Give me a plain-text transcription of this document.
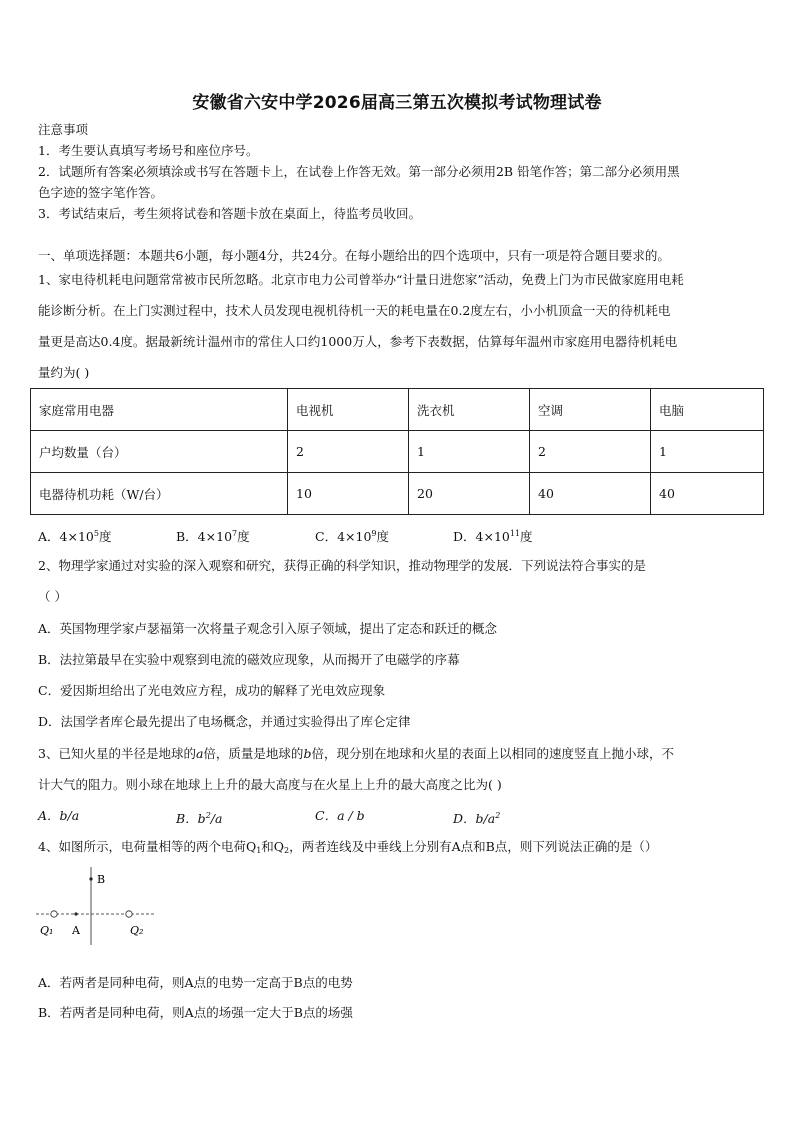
安徽省六安中学2026届高三第五次模拟考试物理试卷
注意事项
1．考生要认真填写考场号和座位序号。
2．试题所有答案必须填涂或书写在答题卡上，在试卷上作答无效。第一部分必须用2B 铅笔作答；第二部分必须用黑
色字迹的签字笔作答。
3．考试结束后，考生须将试卷和答题卡放在桌面上，待监考员收回。
一、单项选择题：本题共6小题，每小题4分，共24分。在每小题给出的四个选项中，只有一项是符合题目要求的。
1、家电待机耗电问题常常被市民所忽略。北京市电力公司曾举办“计量日进您家”活动，免费上门为市民做家庭用电耗
能诊断分析。在上门实测过程中，技术人员发现电视机待机一天的耗电量在0.2度左右，小小机顶盒一天的待机耗电
量更是高达0.4度。据最新统计温州市的常住人口约1000万人，参考下表数据，估算每年温州市家庭用电器待机耗电
量约为( )
家庭常用电器	电视机	洗衣机	空调	电脑
户均数量（台）	2	1	2	1
电器待机功耗（W/台）	10	20	40	40
A．$4\times 10^5$度	B．$4\times 10^7$度	C．$4\times 10^9$度	D．$4\times 10^{11}$度
2、物理学家通过对实验的深入观察和研究，获得正确的科学知识，推动物理学的发展．下列说法符合事实的是
（ ）
A．英国物理学家卢瑟福第一次将量子观念引入原子领域，提出了定态和跃迁的概念
B．法拉第最早在实验中观察到电流的磁效应现象，从而揭开了电磁学的序幕
C．爱因斯坦给出了光电效应方程，成功的解释了光电效应现象
D．法国学者库仑最先提出了电场概念，并通过实验得出了库仑定律
3、已知火星的半径是地球的a倍，质量是地球的b倍，现分别在地球和火星的表面上以相同的速度竖直上抛小球，不
计大气的阻力。则小球在地球上上升的最大高度与在火星上上升的最大高度之比为( )
A．b/a	B．$b^2/a$	C．a / b	D．$b/a^2$
4、如图所示，电荷量相等的两个电荷$Q_1$和$Q_2$，两者连线及中垂线上分别有A点和B点，则下列说法正确的是（）
B
Q₁ A	Q₂
A．若两者是同种电荷，则A点的电势一定高于B点的电势
B．若两者是同种电荷，则A点的场强一定大于B点的场强
